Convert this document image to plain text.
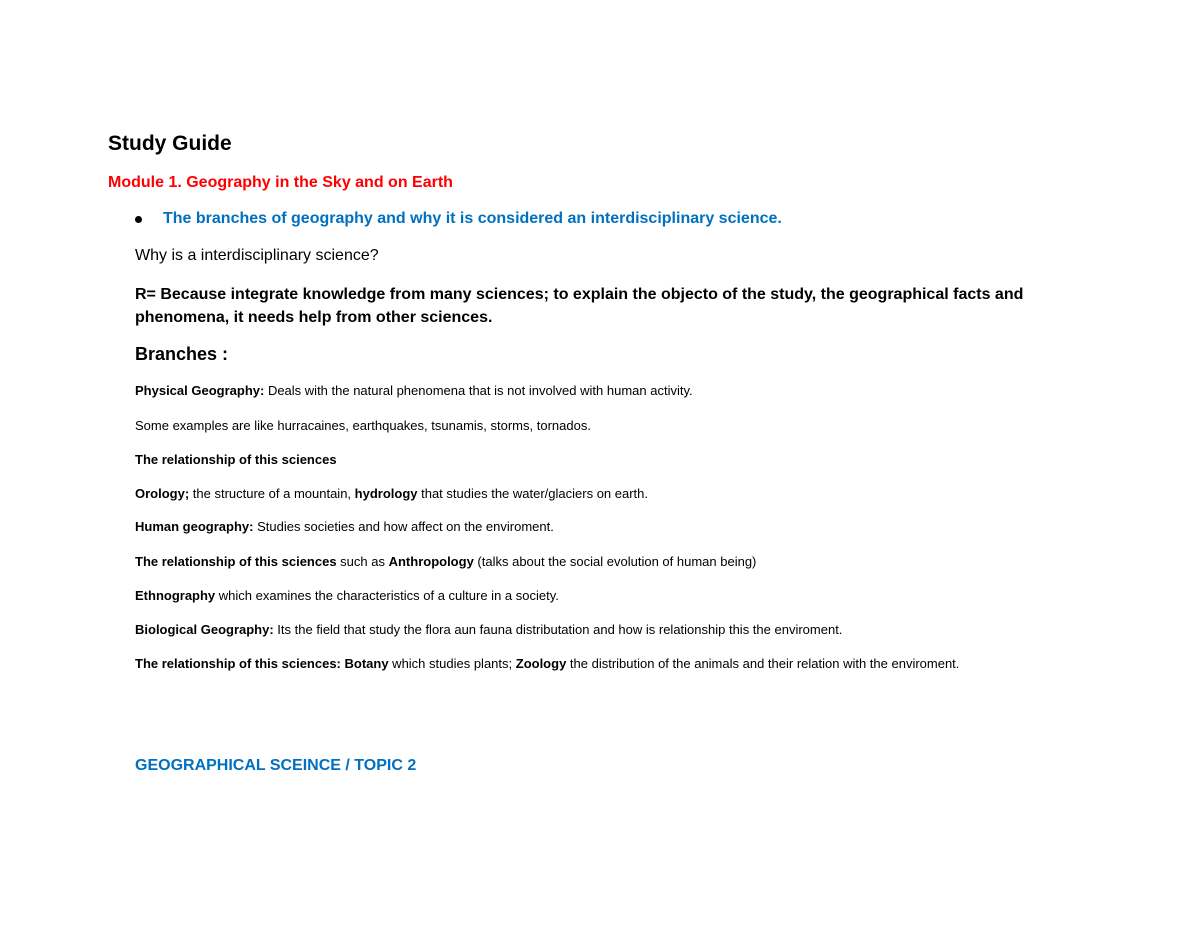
Study Guide
Module 1. Geography in the Sky and on Earth
The branches of geography and why it is considered an interdisciplinary science.
Why is a interdisciplinary science?
R= Because integrate knowledge from many sciences; to explain the objecto of the study, the geographical facts and phenomena, it needs help from other sciences.
Branches :
Physical Geography: Deals with the natural phenomena that is not involved with human activity.
Some examples are like hurracaines, earthquakes, tsunamis, storms, tornados.
The relationship of this sciences
Orology; the structure of a mountain, hydrology that studies the water/glaciers on earth.
Human geography: Studies societies and how affect on the enviroment.
The relationship of this sciences such as Anthropology (talks about the social evolution of human being)
Ethnography which examines the characteristics of a culture in a society.
Biological Geography: Its the field that study the flora aun fauna distributation and how is relationship this the enviroment.
The relationship of this sciences: Botany which studies plants; Zoology the distribution of the animals and their relation with the enviroment.
GEOGRAPHICAL SCEINCE / TOPIC 2
